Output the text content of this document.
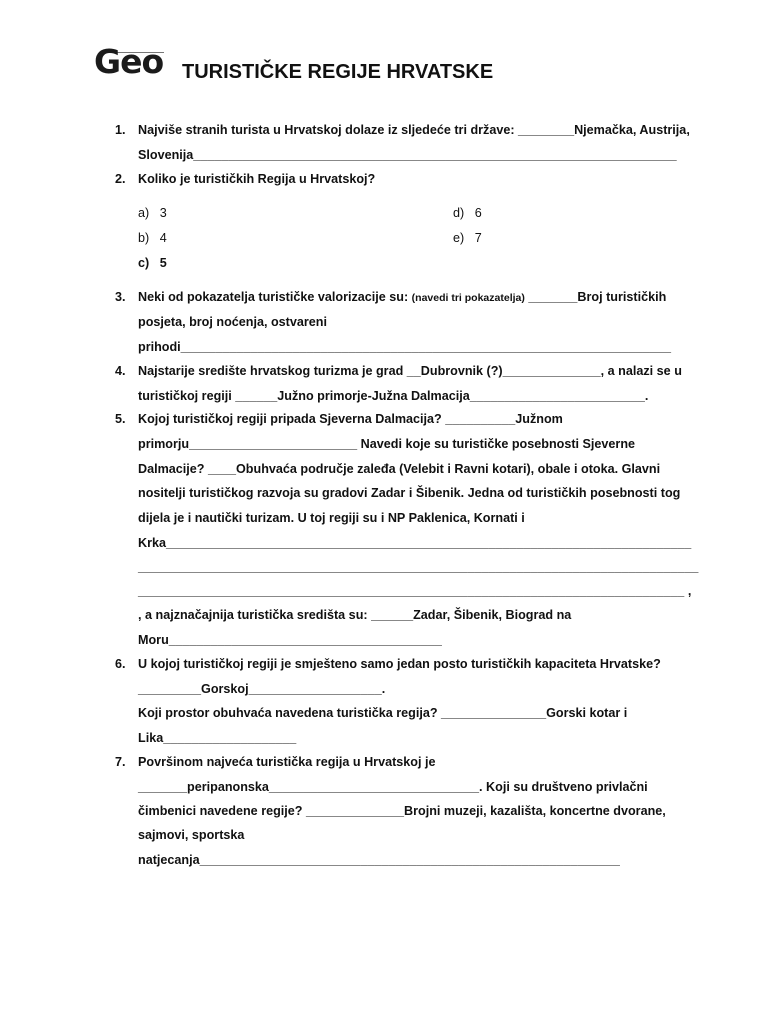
Geo TURISTIČKE REGIJE HRVATSKE
1. Najviše stranih turista u Hrvatskoj dolaze iz sljedeće tri države: ________Njemačka, Austrija,
Slovenija_____________________________________________________________________
2. Koliko je turističkih Regija u Hrvatskoj?
a) 3
b) 4
c) 5
d) 6
e) 7
3. Neki od pokazatelja turističke valorizacije su: (navedi tri pokazatelja) _______Broj turističkih
posjeta, broj noćenja, ostvareni
prihodi______________________________________________________________________
4. Najstarije središte hrvatskog turizma je grad __Dubrovnik (?)______________, a nalazi se u
turističkoj regiji ______Južno primorje-Južna Dalmacija_________________________.
5. Kojoj turističkoj regiji pripada Sjeverna Dalmacija? __________Južnom
primorju________________________ Navedi koje su turističke posebnosti Sjeverne
Dalmacije? ____Obuhvaća područje zaleđa (Velebit i Ravni kotari), obale i otoka. Glavni
nositelji turističkog razvoja su gradovi Zadar i Šibenik. Jedna od turističkih posebnosti tog
dijela je i nautički turizam. U toj regiji su i NP Paklenica, Kornati i
Krka___________________________________________________________________________
________________________________________________________________________________
______________________________________________________________________________ ,
, a najznačajnija turistička središta su: ______Zadar, Šibenik, Biograd na
Moru_______________________________________
6. U kojoj turističkoj regiji je smješteno samo jedan posto turističkih kapaciteta Hrvatske?
_________Gorskoj___________________.
Koji prostor obuhvaća navedena turistička regija? _______________Gorski kotar i
Lika___________________
7. Površinom najveća turistička regija u Hrvatskoj je
_______peripanonska______________________________. Koji su društveno privlačni
čimbenici navedene regije? ______________Brojni muzeji, kazališta, koncertne dvorane,
sajmovi, sportska
natjecanja____________________________________________________________
